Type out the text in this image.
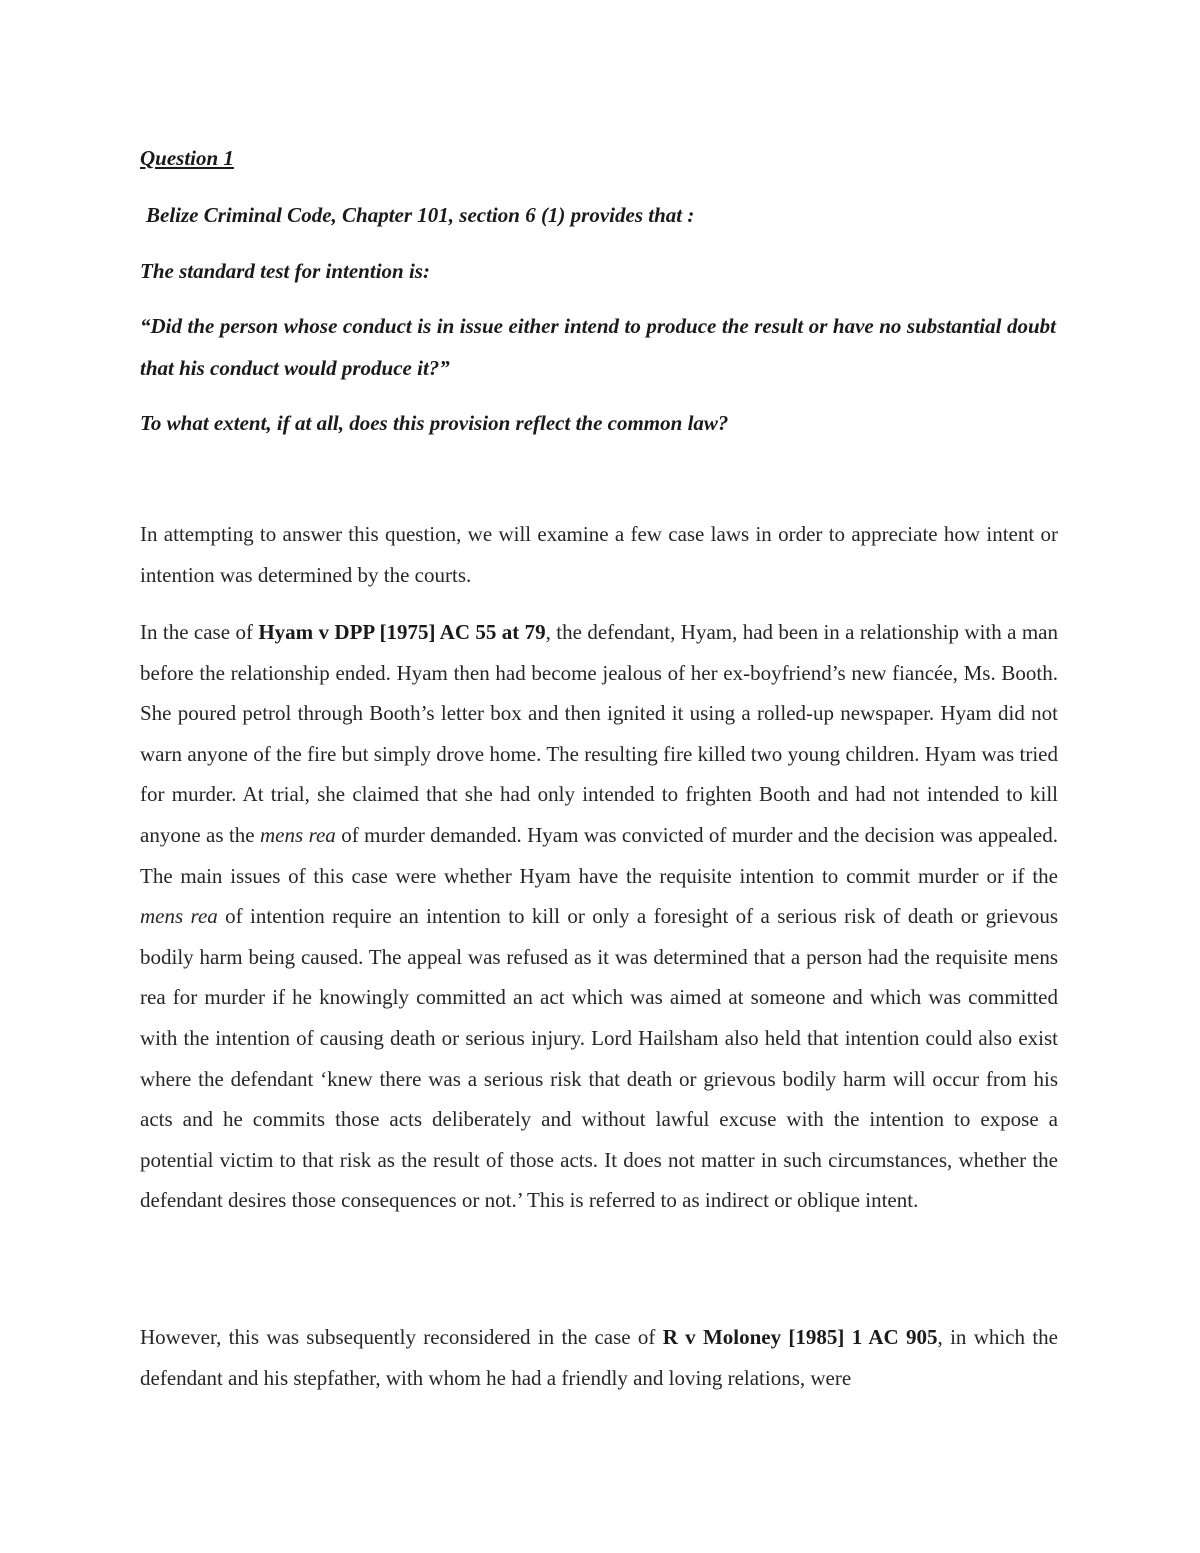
Question 1

Belize Criminal Code, Chapter 101, section 6 (1) provides that :

The standard test for intention is:

“Did the person whose conduct is in issue either intend to produce the result or have no substantial doubt that his conduct would produce it?”

To what extent, if at all, does this provision reflect the common law?

In attempting to answer this question, we will examine a few case laws in order to appreciate how intent or intention was determined by the courts.

In the case of Hyam v DPP [1975] AC 55 at 79, the defendant, Hyam, had been in a relationship with a man before the relationship ended. Hyam then had become jealous of her ex-boyfriend’s new fiancée, Ms. Booth. She poured petrol through Booth’s letter box and then ignited it using a rolled-up newspaper. Hyam did not warn anyone of the fire but simply drove home. The resulting fire killed two young children. Hyam was tried for murder. At trial, she claimed that she had only intended to frighten Booth and had not intended to kill anyone as the mens rea of murder demanded. Hyam was convicted of murder and the decision was appealed. The main issues of this case were whether Hyam have the requisite intention to commit murder or if the mens rea of intention require an intention to kill or only a foresight of a serious risk of death or grievous bodily harm being caused. The appeal was refused as it was determined that a person had the requisite mens rea for murder if he knowingly committed an act which was aimed at someone and which was committed with the intention of causing death or serious injury. Lord Hailsham also held that intention could also exist where the defendant ‘knew there was a serious risk that death or grievous bodily harm will occur from his acts and he commits those acts deliberately and without lawful excuse with the intention to expose a potential victim to that risk as the result of those acts. It does not matter in such circumstances, whether the defendant desires those consequences or not.’ This is referred to as indirect or oblique intent.

However, this was subsequently reconsidered in the case of R v Moloney [1985] 1 AC 905, in which the defendant and his stepfather, with whom he had a friendly and loving relations, were
